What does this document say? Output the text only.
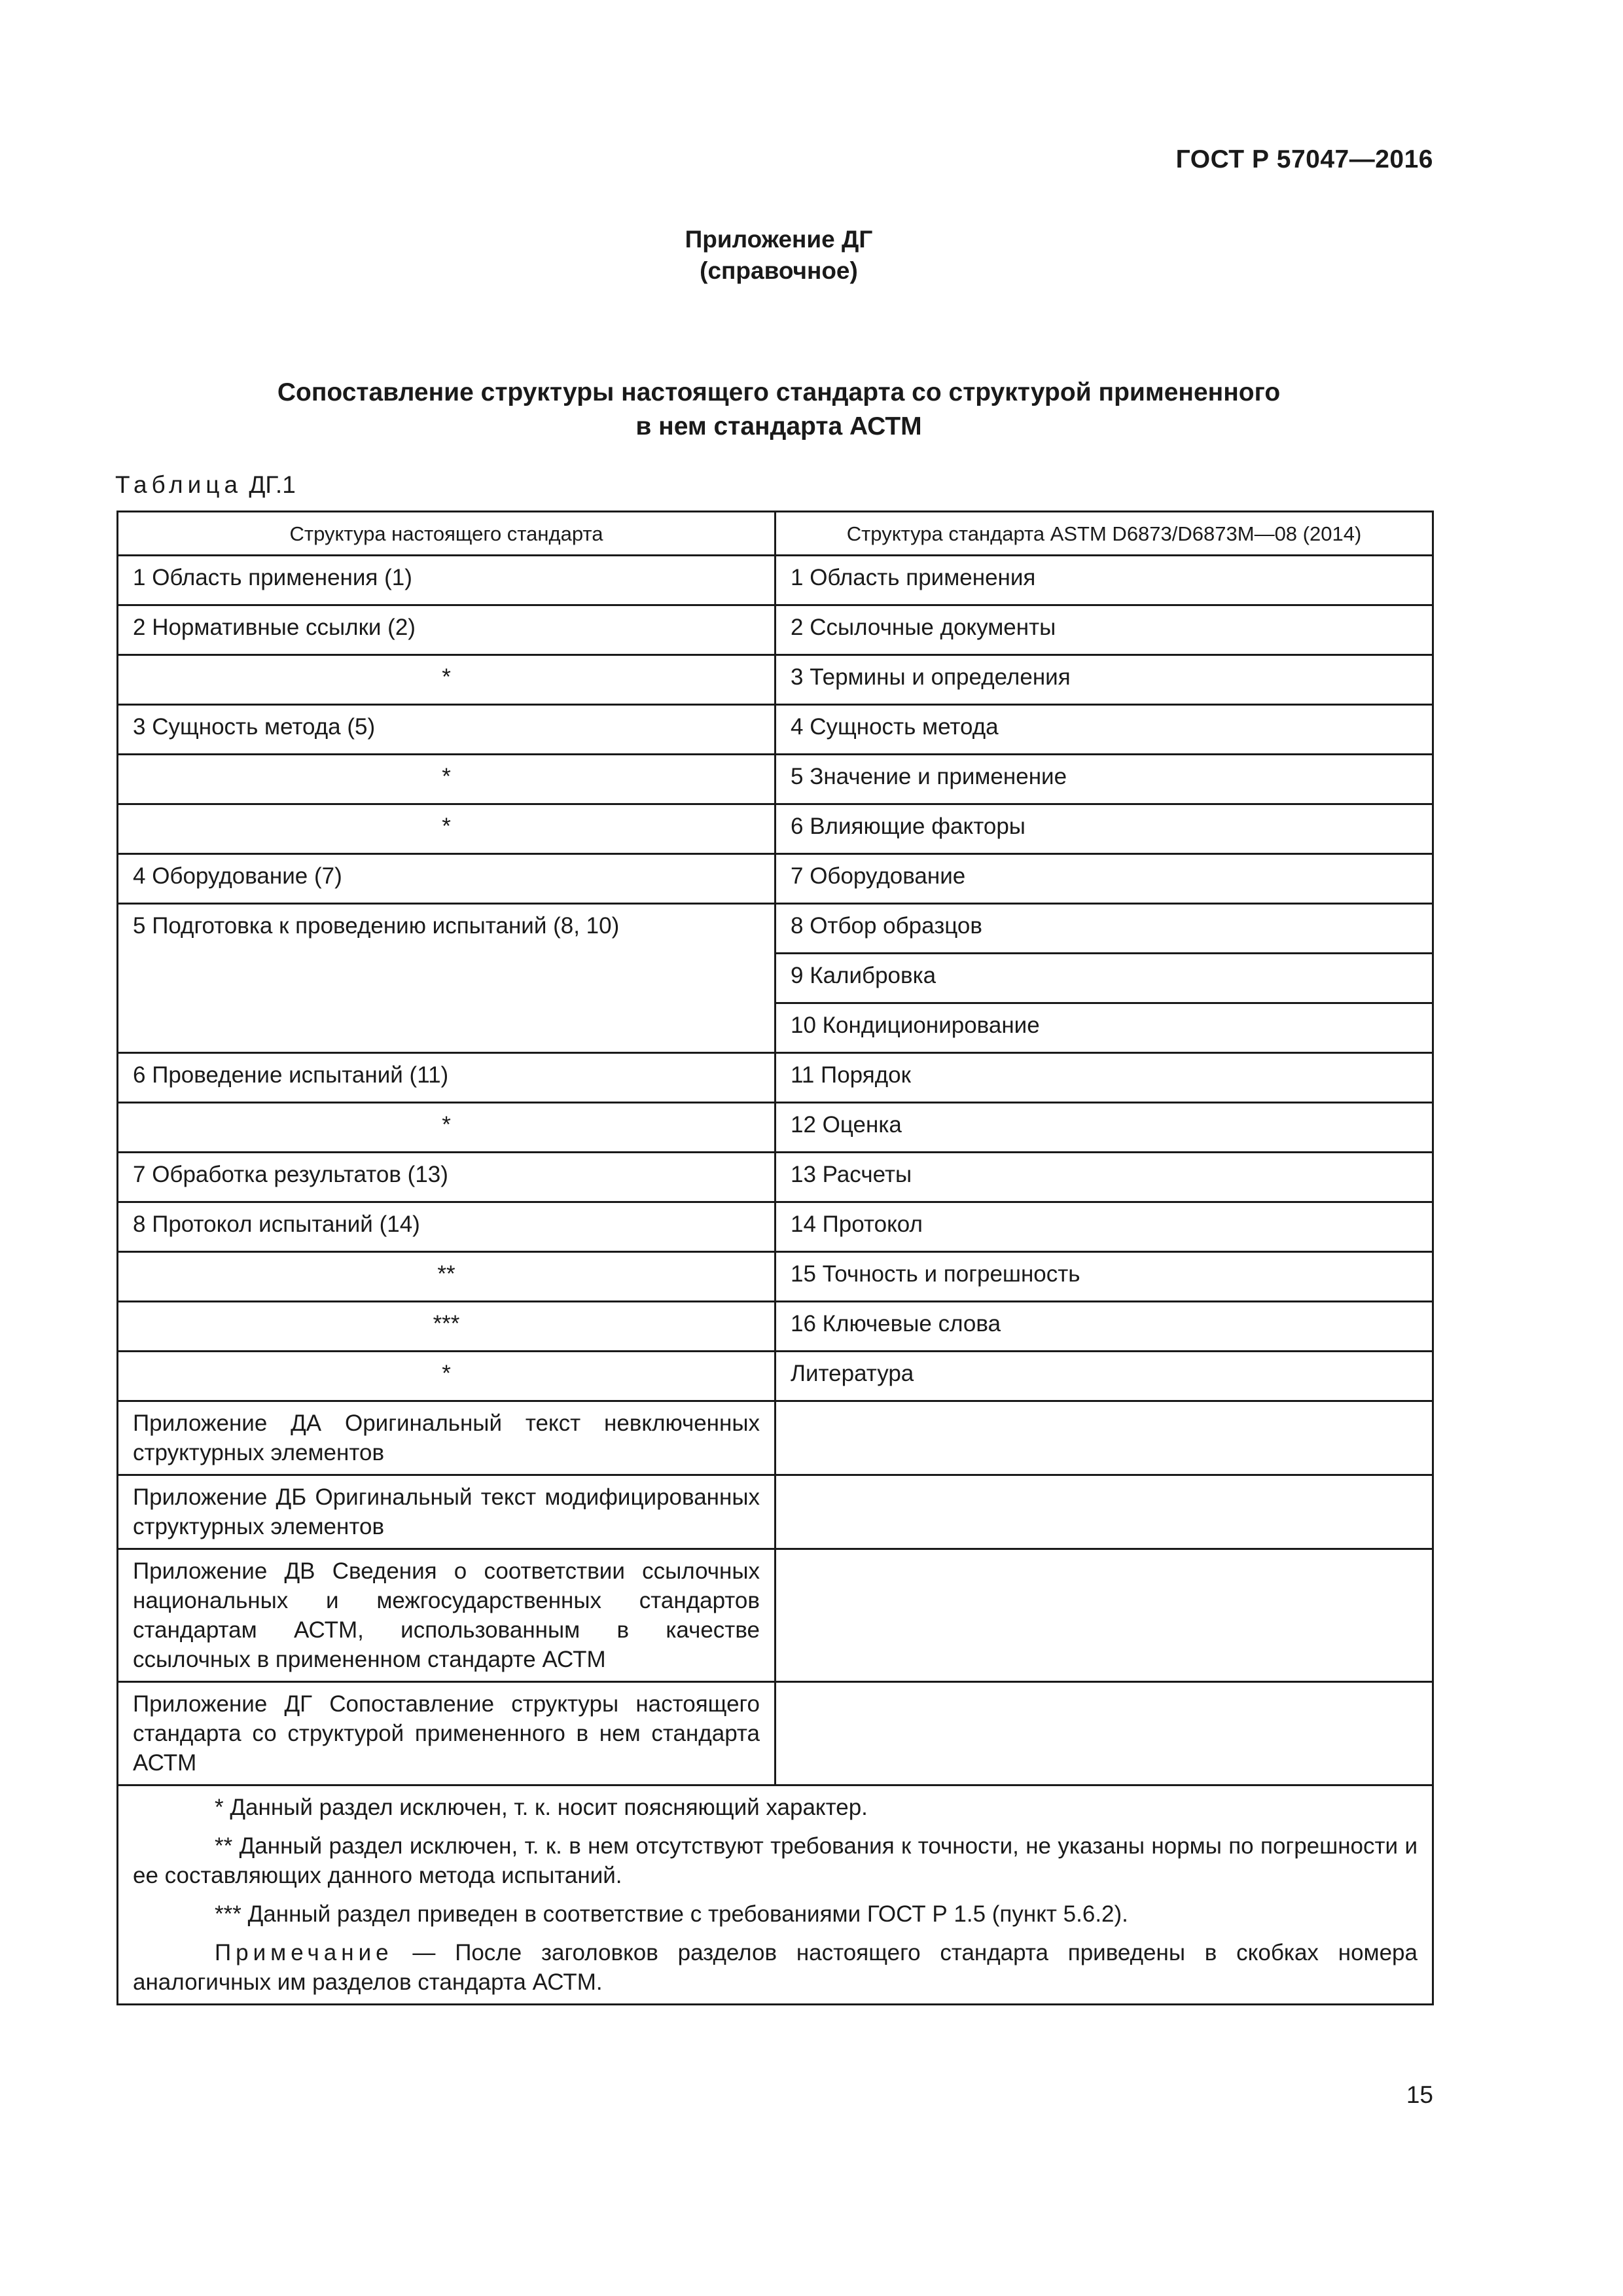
ГОСТ Р 57047—2016
Приложение ДГ
(справочное)
Сопоставление структуры настоящего стандарта со структурой примененного
в нем стандарта АСТМ
Таблица ДГ.1
Структура настоящего стандарта	Структура стандарта ASTM D6873/D6873M—08 (2014)
1 Область применения (1)	1 Область применения
2 Нормативные ссылки (2)	2 Ссылочные документы
*	3 Термины и определения
3 Сущность метода (5)	4 Сущность метода
*	5 Значение и применение
*	6 Влияющие факторы
4 Оборудование (7)	7 Оборудование
5 Подготовка к проведению испытаний (8, 10)	8 Отбор образцов
	9 Калибровка
	10 Кондиционирование
6 Проведение испытаний (11)	11 Порядок
*	12 Оценка
7 Обработка результатов (13)	13 Расчеты
8 Протокол испытаний (14)	14 Протокол
**	15 Точность и погрешность
***	16 Ключевые слова
*	Литература
Приложение ДА Оригинальный текст невключенных структурных элементов	
Приложение ДБ Оригинальный текст модифицированных структурных элементов	
Приложение ДВ Сведения о соответствии ссылочных национальных и межгосударственных стандартов стандартам АСТМ, использованным в качестве ссылочных в примененном стандарте АСТМ	
Приложение ДГ Сопоставление структуры настоящего стандарта со структурой примененного в нем стандарта АСТМ	

* Данный раздел исключен, т. к. носит поясняющий характер.

** Данный раздел исключен, т. к. в нем отсутствуют требования к точности, не указаны нормы по погрешности и ее составляющих данного метода испытаний.

*** Данный раздел приведен в соответствие с требованиями ГОСТ Р 1.5 (пункт 5.6.2).

Примечание — После заголовков разделов настоящего стандарта приведены в скобках номера аналогичных им разделов стандарта АСТМ.	

15
